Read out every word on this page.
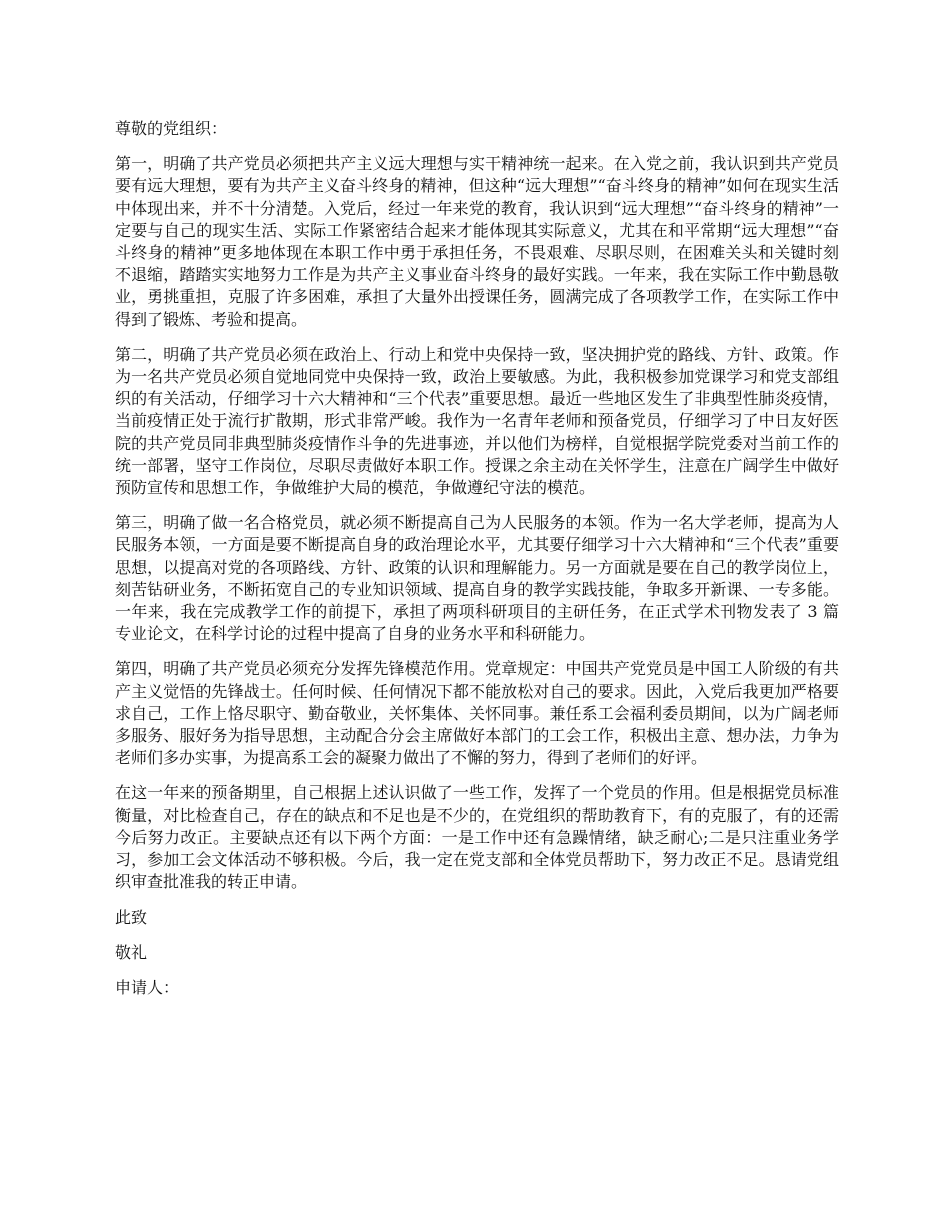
尊敬的党组织：

第一，明确了共产党员必须把共产主义远大理想与实干精神统一起来。在入党之前，我认识到共产党员要有远大理想，要有为共产主义奋斗终身的精神，但这种“远大理想”“奋斗终身的精神”如何在现实生活中体现出来，并不十分清楚。入党后，经过一年来党的教育，我认识到“远大理想”“奋斗终身的精神”一定要与自己的现实生活、实际工作紧密结合起来才能体现其实际意义，尤其在和平常期“远大理想”“奋斗终身的精神”更多地体现在本职工作中勇于承担任务，不畏艰难、尽职尽则，在困难关头和关键时刻不退缩，踏踏实实地努力工作是为共产主义事业奋斗终身的最好实践。一年来，我在实际工作中勤恳敬业，勇挑重担，克服了许多困难，承担了大量外出授课任务，圆满完成了各项教学工作，在实际工作中得到了锻炼、考验和提高。

第二，明确了共产党员必须在政治上、行动上和党中央保持一致，坚决拥护党的路线、方针、政策。作为一名共产党员必须自觉地同党中央保持一致，政治上要敏感。为此，我积极参加党课学习和党支部组织的有关活动，仔细学习十六大精神和“三个代表”重要思想。最近一些地区发生了非典型性肺炎疫情，当前疫情正处于流行扩散期，形式非常严峻。我作为一名青年老师和预备党员，仔细学习了中日友好医院的共产党员同非典型肺炎疫情作斗争的先进事迹，并以他们为榜样，自觉根据学院党委对当前工作的统一部署，坚守工作岗位，尽职尽责做好本职工作。授课之余主动在关怀学生，注意在广阔学生中做好预防宣传和思想工作，争做维护大局的模范，争做遵纪守法的模范。

第三，明确了做一名合格党员，就必须不断提高自己为人民服务的本领。作为一名大学老师，提高为人民服务本领，一方面是要不断提高自身的政治理论水平，尤其要仔细学习十六大精神和“三个代表”重要思想，以提高对党的各项路线、方针、政策的认识和理解能力。另一方面就是要在自己的教学岗位上，刻苦钻研业务，不断拓宽自己的专业知识领域、提高自身的教学实践技能，争取多开新课、一专多能。一年来，我在完成教学工作的前提下，承担了两项科研项目的主研任务，在正式学术刊物发表了 3 篇专业论文，在科学讨论的过程中提高了自身的业务水平和科研能力。

第四，明确了共产党员必须充分发挥先锋模范作用。党章规定：中国共产党党员是中国工人阶级的有共产主义觉悟的先锋战士。任何时候、任何情况下都不能放松对自己的要求。因此，入党后我更加严格要求自己，工作上恪尽职守、勤奋敬业，关怀集体、关怀同事。兼任系工会福利委员期间，以为广阔老师多服务、服好务为指导思想，主动配合分会主席做好本部门的工会工作，积极出主意、想办法，力争为老师们多办实事，为提高系工会的凝聚力做出了不懈的努力，得到了老师们的好评。

在这一年来的预备期里，自己根据上述认识做了一些工作，发挥了一个党员的作用。但是根据党员标准衡量，对比检查自己，存在的缺点和不足也是不少的，在党组织的帮助教育下，有的克服了，有的还需今后努力改正。主要缺点还有以下两个方面：一是工作中还有急躁情绪，缺乏耐心;二是只注重业务学习，参加工会文体活动不够积极。今后，我一定在党支部和全体党员帮助下，努力改正不足。恳请党组织审查批准我的转正申请。

此致

敬礼

申请人：
